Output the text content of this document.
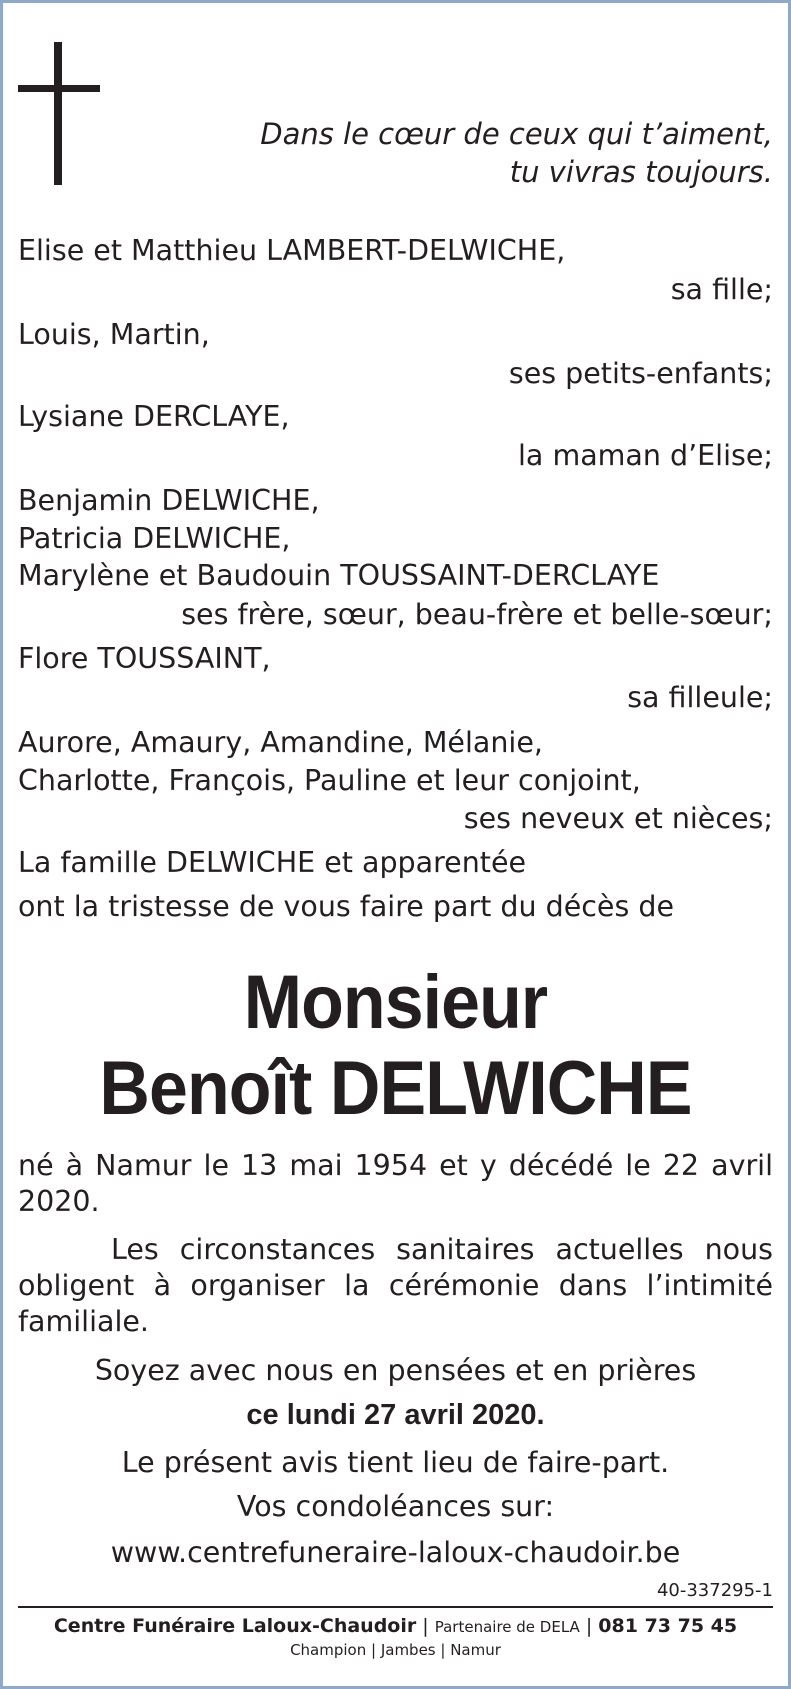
Dans le cœur de ceux qui t’aiment,
tu vivras toujours.
Elise et Matthieu LAMBERT-DELWICHE,
sa fille;
Louis, Martin,
ses petits-enfants;
Lysiane DERCLAYE,
la maman d’Elise;
Benjamin DELWICHE,
Patricia DELWICHE,
Marylène et Baudouin TOUSSAINT-DERCLAYE
ses frère, sœur, beau-frère et belle-sœur;
Flore TOUSSAINT,
sa filleule;
Aurore, Amaury, Amandine, Mélanie,
Charlotte, François, Pauline et leur conjoint,
ses neveux et nièces;
La famille DELWICHE et apparentée
ont la tristesse de vous faire part du décès de
Monsieur
Benoît DELWICHE
né à Namur le 13 mai 1954 et y décédé le 22 avril 2020.
Les circonstances sanitaires actuelles nous obligent à organiser la cérémonie dans l’intimité familiale.
Soyez avec nous en pensées et en prières
ce lundi 27 avril 2020.
Le présent avis tient lieu de faire-part.
Vos condoléances sur:
www.centrefuneraire-laloux-chaudoir.be
40-337295-1
Centre Funéraire Laloux-Chaudoir | Partenaire de DELA | 081 73 75 45
Champion | Jambes | Namur
